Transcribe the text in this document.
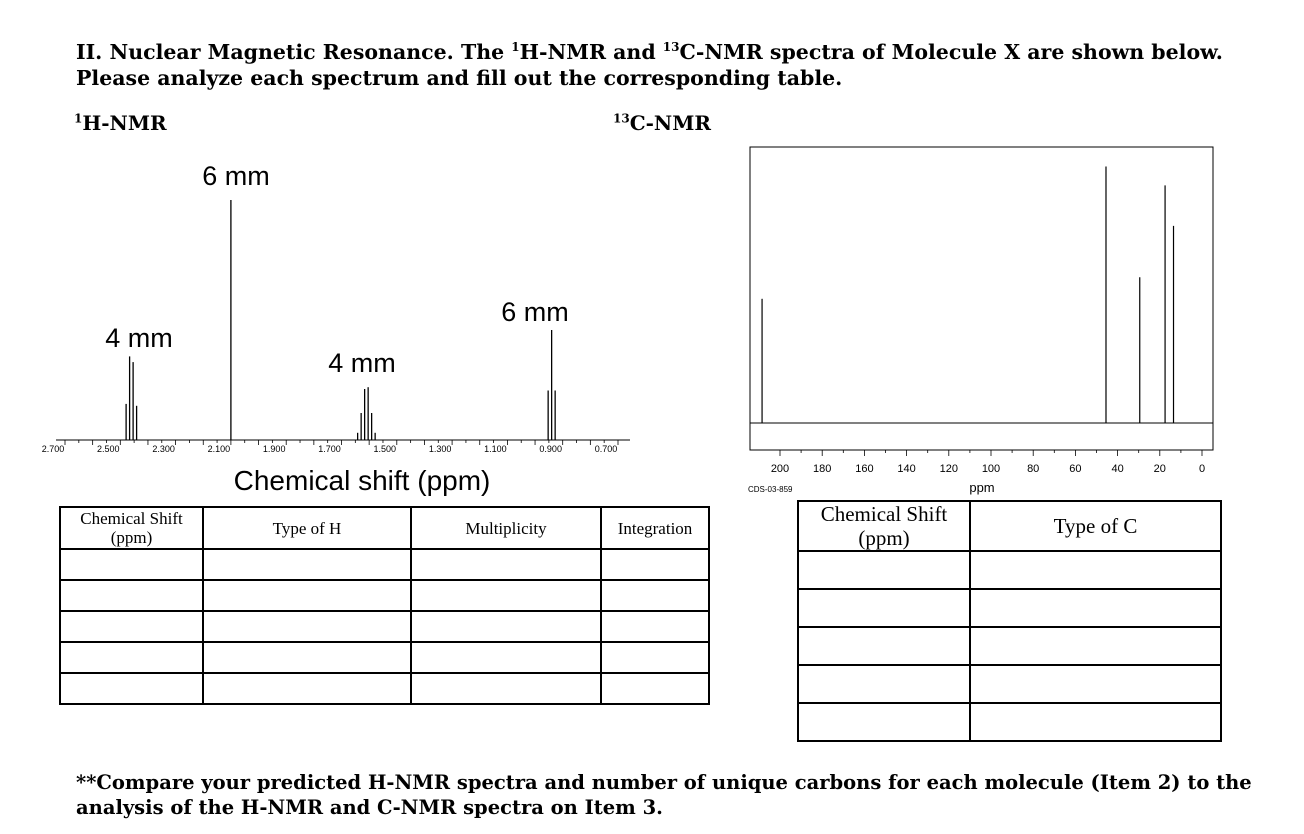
II. Nuclear Magnetic Resonance. The $^1$H-NMR and $^{13}$C-NMR spectra of Molecule X are shown below.
Please analyze each spectrum and fill out the corresponding table.
$^1$H-NMR	$^{13}$C-NMR
2.700	2.500	2.300	2.100	1.900	1.700	1.500	1.300	1.100	0.900	0.700
6 mm
4 mm
4 mm
6 mm
Chemical shift (ppm)	200 180 160 140 120 100 80	60	40	20	0
CDS-03-859	ppm
Chemical Shift (ppm)	Type of H	Multiplicity	Integration

Chemical Shift (ppm)	Type of C

**Compare your predicted H-NMR spectra and number of unique carbons for each molecule (Item 2) to the analysis of the H-NMR and C-NMR spectra on Item 3.
